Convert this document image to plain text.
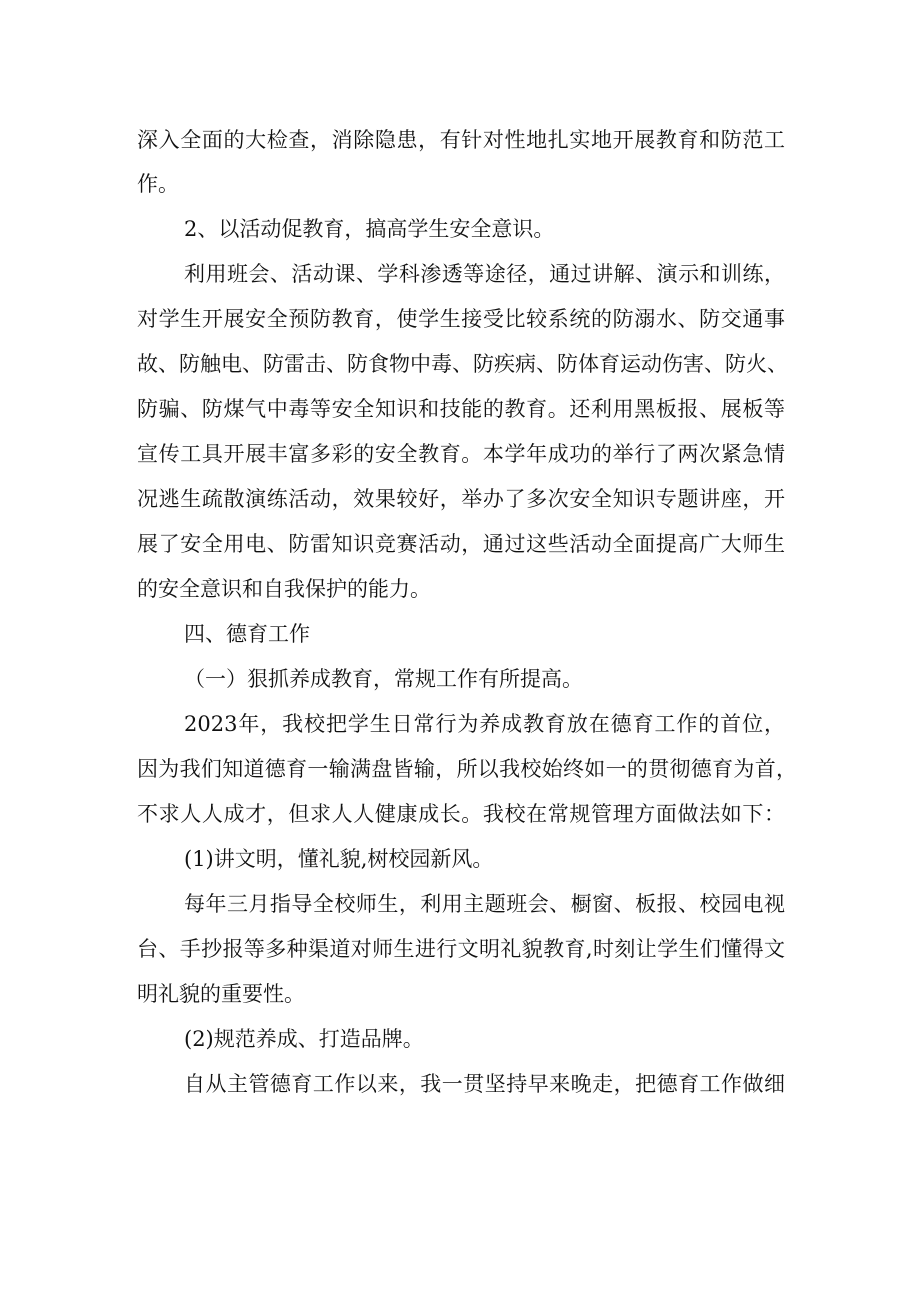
深入全面的大检查，消除隐患，有针对性地扎实地开展教育和防范工
作。
2、以活动促教育，搞高学生安全意识。
利用班会、活动课、学科渗透等途径，通过讲解、演示和训练，
对学生开展安全预防教育，使学生接受比较系统的防溺水、防交通事
故、防触电、防雷击、防食物中毒、防疾病、防体育运动伤害、防火、
防骗、防煤气中毒等安全知识和技能的教育。还利用黑板报、展板等
宣传工具开展丰富多彩的安全教育。本学年成功的举行了两次紧急情
况逃生疏散演练活动，效果较好，举办了多次安全知识专题讲座，开
展了安全用电、防雷知识竞赛活动，通过这些活动全面提高广大师生
的安全意识和自我保护的能力。
四、德育工作
（一）狠抓养成教育，常规工作有所提高。
2023年，我校把学生日常行为养成教育放在德育工作的首位，
因为我们知道德育一输满盘皆输，所以我校始终如一的贯彻德育为首，
不求人人成才，但求人人健康成长。我校在常规管理方面做法如下：
(1)讲文明，懂礼貌,树校园新风。
每年三月指导全校师生，利用主题班会、橱窗、板报、校园电视
台、手抄报等多种渠道对师生进行文明礼貌教育,时刻让学生们懂得文
明礼貌的重要性。
(2)规范养成、打造品牌。
自从主管德育工作以来，我一贯坚持早来晚走，把德育工作做细
